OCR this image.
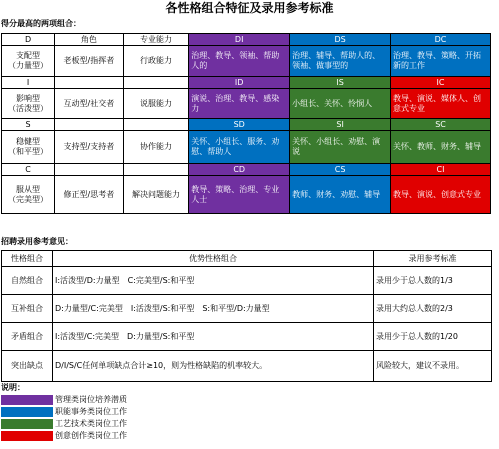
各性格组合特征及录用参考标准
得分最高的两项组合：
D	角色	专业能力	DI	DS	DC
支配型
（力量型）	老板型/指挥者	行政能力	治理、教导、领袖、帮助人的	治理、辅导、帮助人的、领袖、做事型的	治理、教导、策略、开拓新的工作
I			ID	IS	IC
影响型
（活泼型）	互动型/社交者	说服能力	演说、治理、教导、感染力	小组长、关怀、怜悯人	教导、演说、媒体人、创意式专业
S			SD	SI	SC
稳健型
（和平型）	支持型/支持者	协作能力	关怀、小组长、服务、劝慰、帮助人	关怀、小组长、劝慰、演说	关怀、教师、财务、辅导
C			CD	CS	CI
服从型
（完美型）	修正型/思考者	解决问题能力	教导、策略、治理、专业人士	教师、财务、劝慰、辅导	教导、演说、创意式专业
招聘录用参考意见：
性格组合	优势性格组合	录用参考标准
自然组合	I:活泼型/D:力量型　C:完美型/S:和平型	录用少于总人数的1/3
互补组合	D:力量型/C:完美型　I:活泼型/S:和平型　S:和平型/D:力量型	录用大约总人数的2/3
矛盾组合	I:活泼型/C:完美型　D:力量型/S:和平型	录用少于总人数的1/20
突出缺点	D/I/S/C任何单项缺点合计≥10，则为性格缺陷的机率较大。	风险较大，建议不录用。
说明：
管理类岗位培养潜质
职能事务类岗位工作
工艺技术类岗位工作
创意创作类岗位工作
